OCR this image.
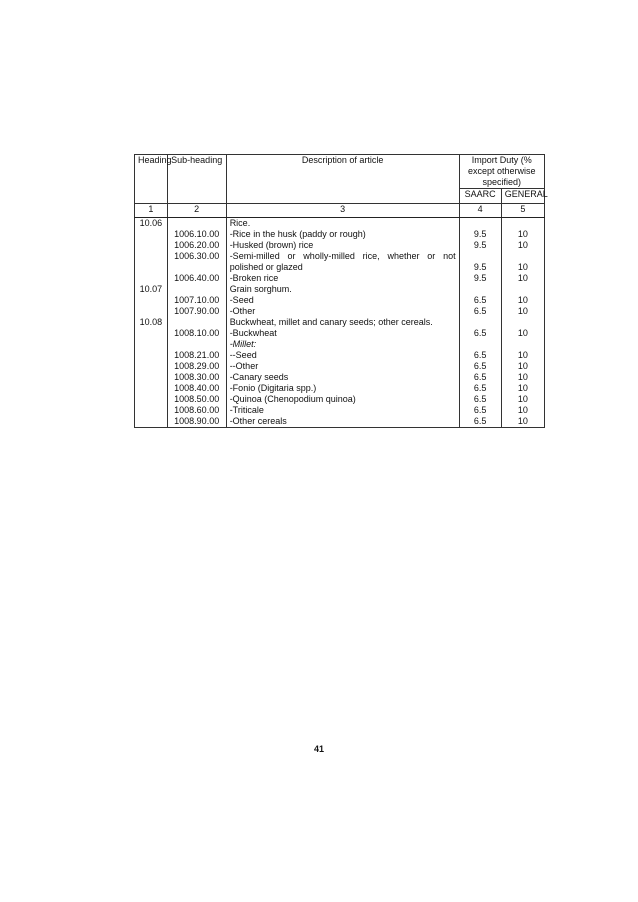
Heading	Sub-heading	Description of article	Import Duty (% except otherwise specified)	
			SAARC	GENERAL
1	2	3	4	5
10.06		Rice.		
	1006.10.00	-Rice in the husk (paddy or rough)	9.5	10
	1006.20.00	-Husked (brown) rice	9.5	10
	1006.30.00	-Semi-milled or wholly-milled rice, whether or not polished or glazed	9.5	10
	1006.40.00	-Broken rice	9.5	10
10.07		Grain sorghum.		
	1007.10.00	-Seed	6.5	10
	1007.90.00	-Other	6.5	10
10.08		Buckwheat, millet and canary seeds; other cereals.		
	1008.10.00	-Buckwheat	6.5	10
		-Millet:		
	1008.21.00	--Seed	6.5	10
	1008.29.00	--Other	6.5	10
	1008.30.00	-Canary seeds	6.5	10
	1008.40.00	-Fonio (Digitaria spp.)	6.5	10
	1008.50.00	-Quinoa (Chenopodium quinoa)	6.5	10
	1008.60.00	-Triticale	6.5	10
	1008.90.00	-Other cereals	6.5	10
41
